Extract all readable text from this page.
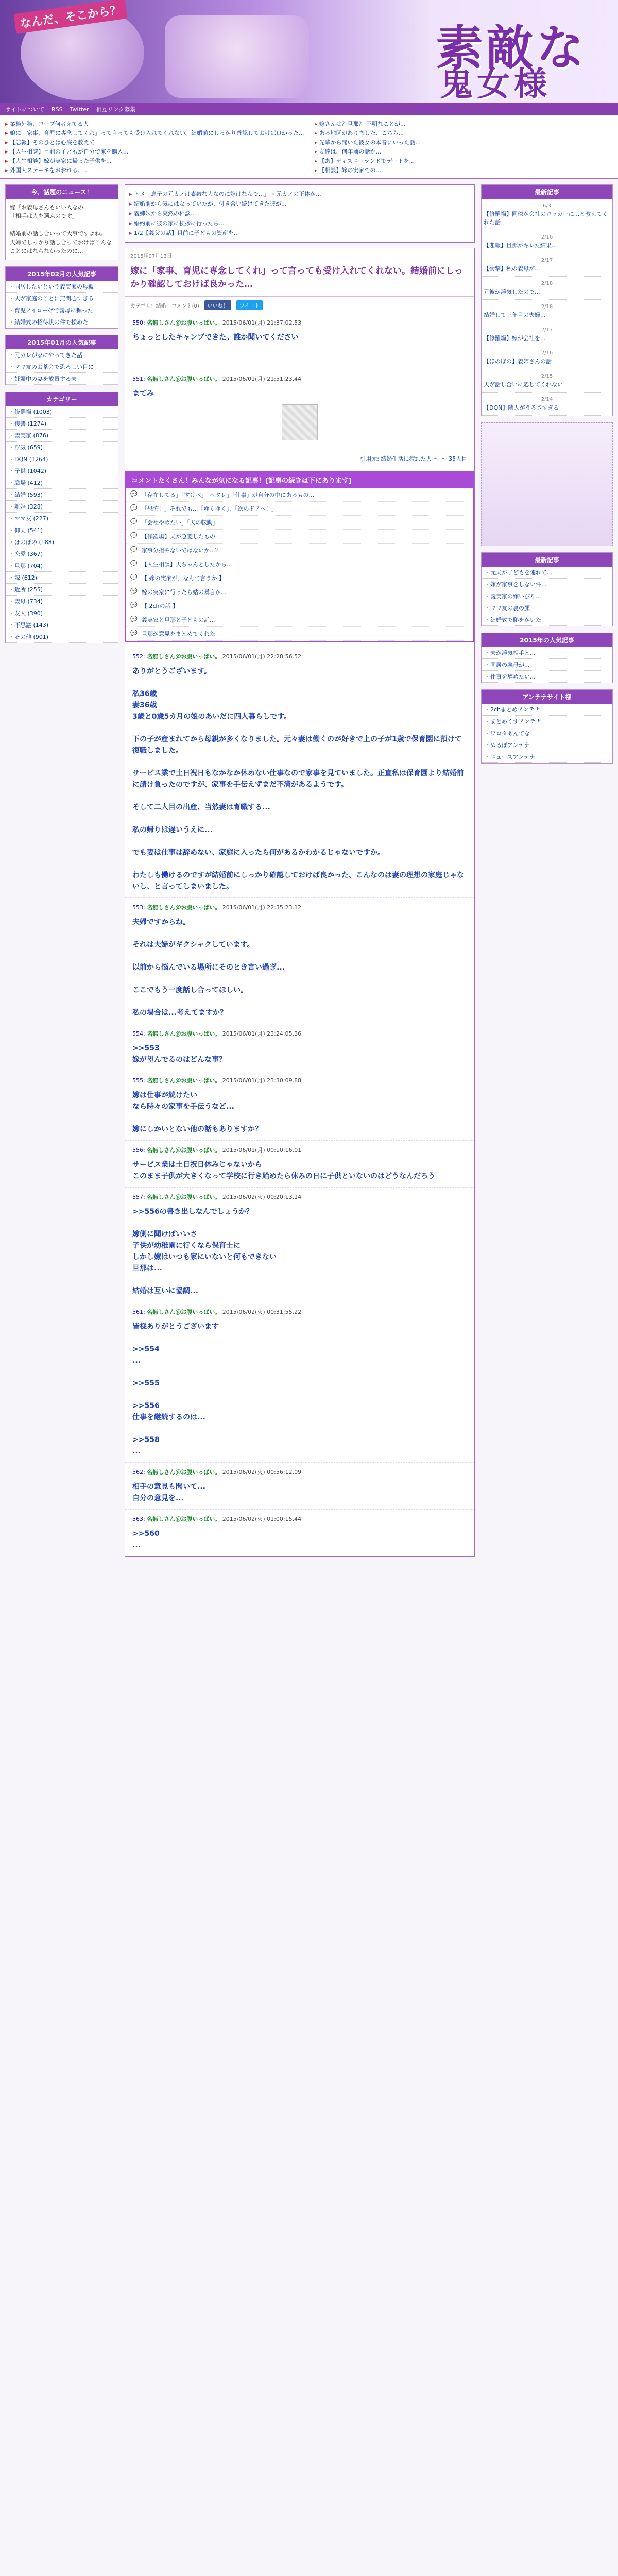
なんだ、そこから？
素敵な
鬼女様
サイトについて RSS Twitter 相互リンク募集
▸ 業務外務、コープ何者えてる人
▸ 娘に「家事、育児に専念してくれ」って言っても受け入れてくれない。結婚前にしっかり確認しておけば良かった...
▸ 【悲報】そのひとは心底を教えて
▸ 【人生相談】目前の子どもが自分で家を購入...
▸ 【人生相談】嫁が実家に帰った子供を...
▸ 外国人ステーキをおおれる。...
▸ 嫁さんは？旦那？ 不明なことが...
▸ ある地区がありました、こちら...
▸ 先輩から聞いた彼女の本音にいった話...
▸ 友達は、何年前の話か...
▸ 【あ】ディスニーランドでデートを...
▸ 【相談】嫁の実家での...
今、話題のニュース！
嫁「お義母さんもいい人なの」
「相手は人を選ぶのです」

結婚前の話し合いって大事ですよね。
夫婦でしっかり話し合っておけばこんなことにはならなかったのに...
2015年02月の人気記事
・ 同居したいという義実家の母親
・ 夫が家庭のことに無関心すぎる
・ 育児ノイローゼで義母に頼った
・ 結婚式の招待状の件で揉めた
2015年01月の人気記事
・ 元カレが家にやってきた話
・ ママ友のお茶会で恐ろしい目に
・ 妊娠中の妻を放置する夫
カテゴリー
・ 修羅場 (1003)
・ 復讐 (1274)
・ 義実家 (876)
・ 浮気 (659)
・ DQN (1264)
・ 子供 (1042)
・ 職場 (412)
・ 結婚 (593)
・ 離婚 (328)
・ ママ友 (227)
・ 仰天 (541)
・ ほのぼの (188)
・ 恋愛 (367)
・ 旦那 (704)
・ 嫁 (612)
・ 近所 (255)
・ 義母 (734)
・ 友人 (390)
・ 不思議 (143)
・ その他 (901)
▸ トメ「息子の元カノは素敵な人なのに嫁はなんで...」→ 元カノの正体が...
▸ 結婚前から気にはなっていたが、付き合い続けてきた彼が...
▸ 義姉妹から突然の相談...
▸ 婚約前に彼の家に挨拶に行ったら...
▸ 1/2【義父の話】目前に子どもの資産を...
2015年07月13日
嫁に「家事、育児に専念してくれ」って言っても受け入れてくれない。結婚前にしっかり確認しておけば良かった…
カテゴリ：結婚 コメント(0)	いいね！	ツイート
550: 名無しさん＠お腹いっぱい。 2015/06/01(月) 21:37:02.53
ちょっとしたキャンプできた。誰か聞いてください
551: 名無しさん＠お腹いっぱい。 2015/06/01(月) 21:51:23.44
まてみ
引用元: 結婚生活に疲れた人 ～ ～ 35人目
コメントたくさん！みんなが気になる記事！[記事の続きは下にあります]
💬 「存在してる」「すけべ」「ヘタレ」「仕事」が自分の中にあるもの...
💬 「恐怖！」それでも...「ゆくゆく」、「次のドアへ！」
💬 「会社やめたい」「夫の転勤」
💬 【修羅場】夫が急変したもの
💬 家事分担やないではないか...？
💬 【人生相談】夫ちゃんとしたから...
💬 【 嫁の実家が、なんて言うか 】
💬 嫁の実家に行ったら姑の暴言が...
💬 【 2chの話 】
💬 義実家と旦那と子どもの話...
💬 旦那が意見をまとめてくれた
552: 名無しさん＠お腹いっぱい。 2015/06/01(月) 22:28:56.52
ありがとうございます。

私36歳
妻36歳
3歳と0歳5カ月の娘のあいだに四人暮らしです。

下の子が産まれてから母親が多くなりました。元々妻は働くのが好きで上の子が1歳で保育園に預けて復職しました。

サービス業で土日祝日もなかなか休めない仕事なので家事を見ていました。正直私は保育園より結婚前に請け負ったのですが、家事を手伝えずまだ不満があるようです。

そして二人目の出産、当然妻は育職する...

私の帰りは遅いうえに...

でも妻は仕事は辞めない、家庭に入ったら何があるかわかるじゃないですか。

わたしも働けるのですが結婚前にしっかり確認しておけば良かった、こんなのは妻の理想の家庭じゃないし、と言ってしまいました。
553: 名無しさん＠お腹いっぱい。 2015/06/01(月) 22:35:23.12
夫婦ですからね。

それは夫婦がギクシャクしています。

以前から悩んでいる場所にそのとき言い過ぎ...

ここでもう一度話し合ってほしい。

私の場合は...考えてますか？
554: 名無しさん＠お腹いっぱい。 2015/06/01(月) 23:24:05.36
>>553
嫁が望んでるのはどんな事？
555: 名無しさん＠お腹いっぱい。 2015/06/01(月) 23:30:09.88
嫁は仕事が続けたい
なら時々の家事を手伝うなど...

嫁にしかいとない他の話もありますか？
556: 名無しさん＠お腹いっぱい。 2015/06/01(月) 00:10:16.01
サービス業は土日祝日休みじゃないから
このまま子供が大きくなって学校に行き始めたら休みの日に子供といないのはどうなんだろう
557: 名無しさん＠お腹いっぱい。 2015/06/02(火) 00:20:13.14
>>556の書き出しなんでしょうか？

嫁側に聞けばいいさ
子供が幼稚園に行くなら保育士に
しかし嫁はいつも家にいないと何もできない
旦那は...

結婚は互いに協調...
561: 名無しさん＠お腹いっぱい。 2015/06/02(火) 00:31:55.22
皆様ありがとうございます

>>554
...

>>555

>>556
仕事を継続するのは...

>>558
...
562: 名無しさん＠お腹いっぱい。 2015/06/02(火) 00:56:12.09
相手の意見も聞いて...
自分の意見を...
563: 名無しさん＠お腹いっぱい。 2015/06/02(火) 01:00:15.44
>>560
...
最新記事
6/3
【修羅場】同僚が会社のロッカーに...と教えてくれた話
2/16
【悲報】旦那がキレた結果...
2/17
【衝撃】私の義母が...
2/18
元彼が浮気したので...
2/18
結婚して三年目の夫婦...
2/17
【修羅場】嫁が会社を...
2/16
【ほのぼの】義姉さんの話
2/15
夫が話し合いに応じてくれない
2/14
【DQN】隣人がうるさすぎる
最新記事
・ 元夫が子どもを連れて...
・ 嫁が家事をしない件...
・ 義実家の嫁いびり...
・ ママ友の裏の顔
・ 結婚式で恥をかいた
2015年の人気記事
・ 夫が浮気相手と...
・ 同居の義母が...
・ 仕事を辞めたい...
アンテナサイト様
・ 2chまとめアンテナ
・ まとめくすアンテナ
・ ワロタあんてな
・ ぬるぽアンテナ
・ ニュースアンテナ
